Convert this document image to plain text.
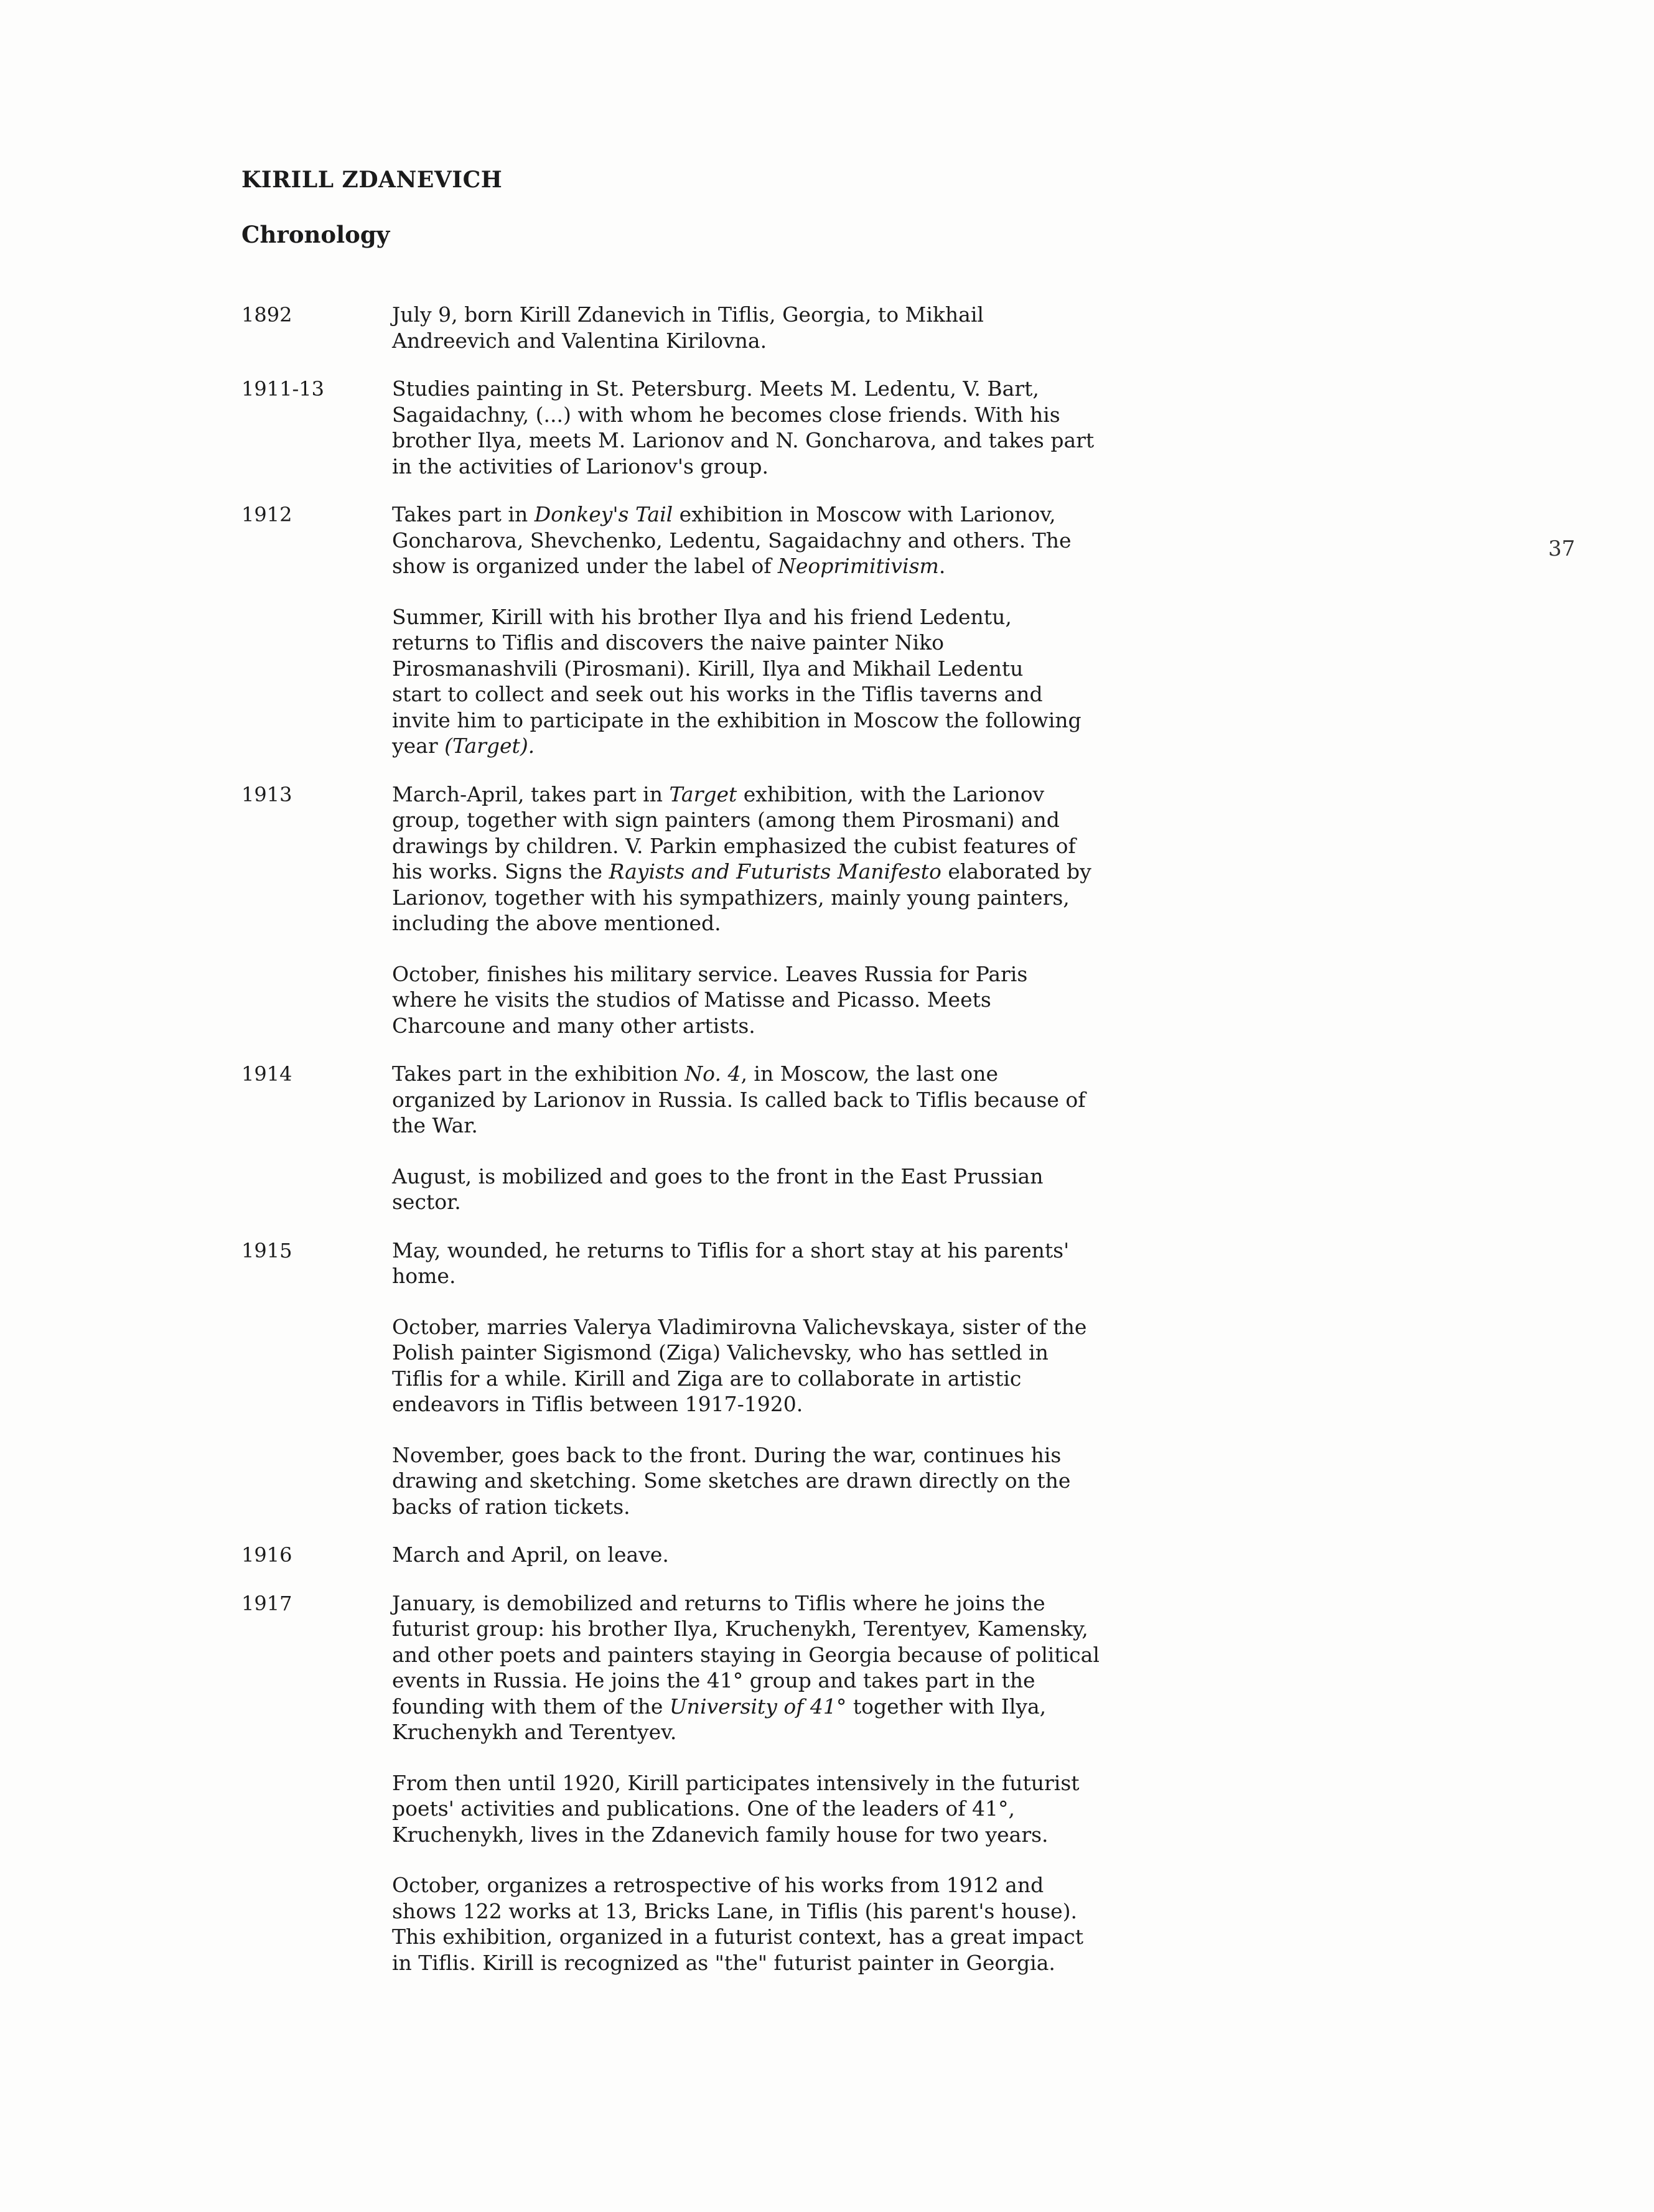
KIRILL ZDANEVICH
Chronology
37
1892	July 9, born Kirill Zdanevich in Tiflis, Georgia, to Mikhail
Andreevich and Valentina Kirilovna.

1911-13	Studies painting in St. Petersburg. Meets M. Ledentu, V. Bart,
Sagaidachny, (...) with whom he becomes close friends. With his
brother Ilya, meets M. Larionov and N. Goncharova, and takes part
in the activities of Larionov's group.

1912	Takes part in Donkey's Tail exhibition in Moscow with Larionov,
Goncharova, Shevchenko, Ledentu, Sagaidachny and others. The
show is organized under the label of Neoprimitivism.

Summer, Kirill with his brother Ilya and his friend Ledentu,
returns to Tiflis and discovers the naive painter Niko
Pirosmanashvili (Pirosmani). Kirill, Ilya and Mikhail Ledentu
start to collect and seek out his works in the Tiflis taverns and
invite him to participate in the exhibition in Moscow the following
year (Target).

1913	March-April, takes part in Target exhibition, with the Larionov
group, together with sign painters (among them Pirosmani) and
drawings by children. V. Parkin emphasized the cubist features of
his works. Signs the Rayists and Futurists Manifesto elaborated by
Larionov, together with his sympathizers, mainly young painters,
including the above mentioned.

October, finishes his military service. Leaves Russia for Paris
where he visits the studios of Matisse and Picasso. Meets
Charcoune and many other artists.

1914	Takes part in the exhibition No. 4, in Moscow, the last one
organized by Larionov in Russia. Is called back to Tiflis because of
the War.

August, is mobilized and goes to the front in the East Prussian
sector.

1915	May, wounded, he returns to Tiflis for a short stay at his parents'
home.

October, marries Valerya Vladimirovna Valichevskaya, sister of the
Polish painter Sigismond (Ziga) Valichevsky, who has settled in
Tiflis for a while. Kirill and Ziga are to collaborate in artistic
endeavors in Tiflis between 1917-1920.

November, goes back to the front. During the war, continues his
drawing and sketching. Some sketches are drawn directly on the
backs of ration tickets.

1916	March and April, on leave.

1917	January, is demobilized and returns to Tiflis where he joins the
futurist group: his brother Ilya, Kruchenykh, Terentyev, Kamensky,
and other poets and painters staying in Georgia because of political
events in Russia. He joins the 41° group and takes part in the
founding with them of the University of 41° together with Ilya,
Kruchenykh and Terentyev.

From then until 1920, Kirill participates intensively in the futurist
poets' activities and publications. One of the leaders of 41°,
Kruchenykh, lives in the Zdanevich family house for two years.

October, organizes a retrospective of his works from 1912 and
shows 122 works at 13, Bricks Lane, in Tiflis (his parent's house).
This exhibition, organized in a futurist context, has a great impact
in Tiflis. Kirill is recognized as "the" futurist painter in Georgia.
